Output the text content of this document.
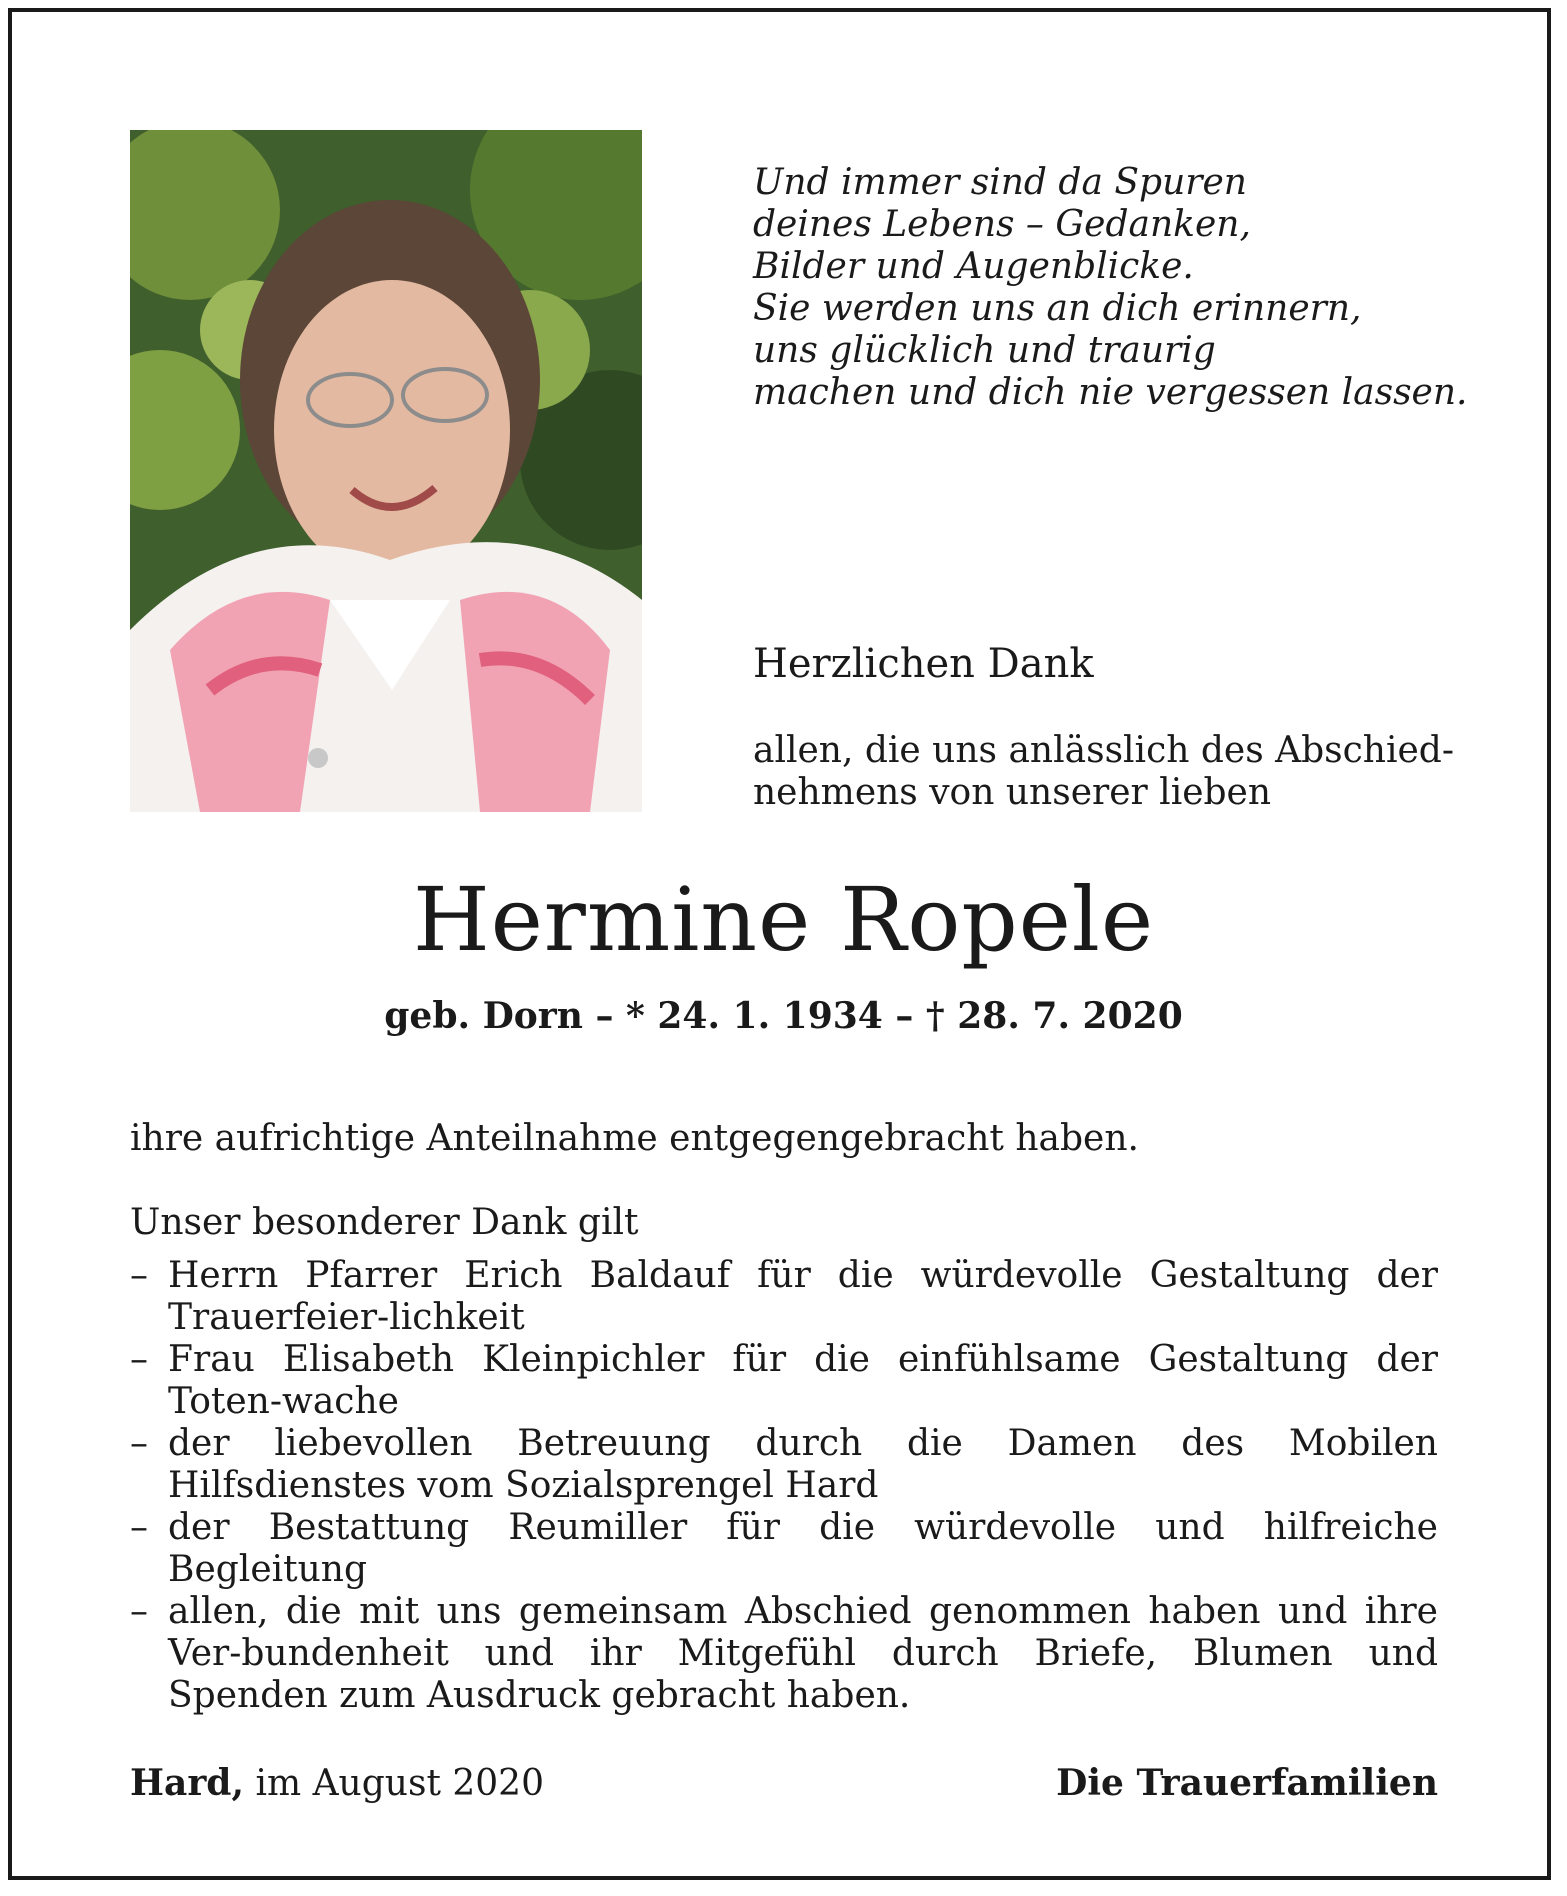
Und immer sind da Spuren
deines Lebens – Gedanken,
Bilder und Augenblicke.
Sie werden uns an dich erinnern,
uns glücklich und traurig
machen und dich nie vergessen lassen.
Herzlichen Dank
allen, die uns anlässlich des Abschied-
nehmens von unserer lieben
Hermine Ropele
geb. Dorn – * 24. 1. 1934 – † 28. 7. 2020
ihre aufrichtige Anteilnahme entgegengebracht haben.
Unser besonderer Dank gilt
– Herrn Pfarrer Erich Baldauf für die würdevolle Gestaltung der Trauerfeier-lichkeit
– Frau Elisabeth Kleinpichler für die einfühlsame Gestaltung der Toten-wache
– der liebevollen Betreuung durch die Damen des Mobilen Hilfsdienstes vom Sozialsprengel Hard
– der Bestattung Reumiller für die würdevolle und hilfreiche Begleitung
– allen, die mit uns gemeinsam Abschied genommen haben und ihre Ver-bundenheit und ihr Mitgefühl durch Briefe, Blumen und Spenden zum Ausdruck gebracht haben.
Hard, im August 2020	Die Trauerfamilien
